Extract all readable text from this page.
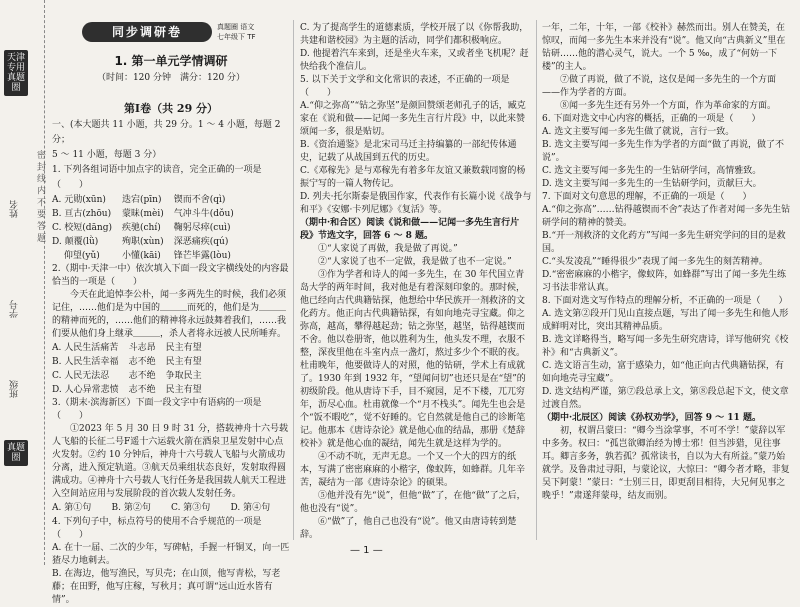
天津专用 真题圈
班级
学号
姓名 密 封 线 内 不 要 答 题
真题圈
同步调研卷	真题圈 语文
七年级下 TF
1. 第一单元学情调研
（时间：120 分钟　满分：120 分）
第Ⅰ卷（共 29 分）

一、(本大题共 11 小题，共 29 分。1 ～ 4 小题，每题 2 分；

5 ～ 11 小题，每题 3 分）

1. 下列各组词语中加点字的读音，完全正确的一项是（　　）

A. 元勋(xūn)	迭宕(pīn)	锲而不舍(qì)
B. 亘古(zhōu)	蒙昧(mèi)	气冲斗牛(dǒu)
C. 校短(dāng)	疾驰(chí)	鞠躬尽瘁(cuì)
D. 颠覆(lǜ)	殉职(xùn)	深恶痛疾(qú)
　 仰望(yǔ)	小懂(kāi)	锋芒毕露(lòu)

2.（期中·天津一中）依次填入下面一段文字横线处的内容最恰当的一项是（　　）

今天在此追悼李公朴，闻一多两先生的时候，我们必须记住，……他们是为中国的＿＿＿而死的，他们是为＿＿＿的精神而死的，……他们的精神将永远鼓舞着我们，……我们要从他们身上继承＿＿＿，杀人者将永远被人民所唾弃。

A. 人民生活痛苦	斗志昂	民主有望
B. 人民生活幸福	志不绝	民主有望
C. 人民无法忍	志不绝	争取民主
D. 人心异常悲愤	志不绝	民主有望

3.（期末·滨海新区）下面一段文字中有语病的一项是（　　）

①2023 年 5 月 30 日 9 时 31 分，搭载神舟十六号载人飞船的长征二号F遥十六运载火箭在酒泉卫星发射中心点火发射。②约 10 分钟后，神舟十六号载人飞船与火箭成功分离，进入预定轨道。③航天员乘组状态良好，发射取得圆满成功。④神舟十六号载人飞行任务是我国载人航天工程进入空间站应用与发展阶段的首次载人发射任务。

A. 第①句	B. 第②句	C. 第③句	D. 第④句

4. 下列句子中，标点符号的使用不合乎规范的一项是（　　）

A. 在十一届、二次的少年，写碑帖，手握一杆铜叉，向一匹猹尽力地刺去。

B. 在海边，他写渔民，写贝壳；在山顶，他写青松，写老藤；在田野，他写庄稼，写秋月；真可谓“远山近水皆有情”。

C. 为了提高学生的道德素质，学校开展了以《你帮我助，共建和谐校园》为主题的活动，同学们都积极响应。

D. 他提着汽车来到，还是坐火车来，又或者坐飞机呢？赶快给我个准信儿。

5. 以下关于文学和文化常识的表述，不正确的一项是（　　）

A.“仰之弥高”“钻之弥坚”是颜回赞颂老师孔子的话，臧克家在《说和做——记闻一多先生言行片段》中，以此来赞颂闻一多，很是贴切。

B.《资治通鉴》是北宋司马迁主持编纂的一部纪传体通史，记载了从战国到五代的历史。

C.《邓稼先》是与邓稼先有着多年友谊又兼数载同窗的杨振宁写的一篇人物传记。

D. 列夫·托尔斯泰是俄国作家，代表作有长篇小说《战争与和平》《安娜·卡列尼娜》《复活》等。

（期中·和合区）阅读《说和做——记闻一多先生言行片段》节选文字，回答 6 ～ 8 题。

①“人家说了再做，我是做了再说。”

②“人家说了也不一定做，我是做了也不一定说。”

③作为学者和诗人的闻一多先生，在 30 年代国立青岛大学的两年时间，我对他是有着深刻印象的。那时候，他已经向古代典籍钻探，他想给中华民族开一剂救济的文化药方。他正向古代典籍钻探，有如向地壳寻宝藏。仰之弥高，越高，攀得越起劲；钻之弥坚，越坚，钻得越锲而不舍。他以卷册寄，他以胜利为生，他头发不理，衣服不整，深夜里他在斗室内点一盏灯，熬过多少个不眠的夜。杜甫晚年，他要做诗人的对照，他的钻研，学术上有成就了。1930 年到 1932 年，“望闻问切”也还只是在“望”的初级阶段。他从唐诗下手，目不窥园，足不下楼，兀兀穷年，沥尽心血。杜甫就像一个“月不栈头”。闻先生也会是个“饭不暇吃”，觉不好睡的。它自然就是他自己的诊断笔记。他那本《唐诗杂论》就是他心血的结晶，那册《楚辞校补》就是他心血的凝结，闻先生就是这样为学的。

④不动不吭，无声无息。一个又一个大的四方的纸本，写满了密密麻麻的小楷字，像蚁阵，如蜂群。几年辛苦，凝结为一部《唐诗杂论》的硕果。

⑤他并没有先“说”，但他“做”了，在他“做”了之后，他也没有“说”。

⑥“做”了，他自己也没有“说”。他又由唐诗转到楚辞。

一年，二年，十年，一部《校补》赫然而出。别人在赞美，在惊叹，而闻一多先生本来并没有“说”。他又向“古典新义”里在钻研……他的潜心灵气，说大。一个 5 ‰，成了“何妨一下楼”的主人。

⑦做了再说，做了不说，这仅是闻一多先生的一个方面——作为学者的方面。

⑧闻一多先生还有另外一个方面，作为革命家的方面。

6. 下面对选文中心内容的概括，正确的一项是（　　）

A. 选文主要写闻一多先生做了就说，言行一致。

B. 选文主要写闻一多先生作为学者的方面“做了再说，做了不说”。

C. 选文主要写闻一多先生的一生钻研学问，高情雅致。

D. 选文主要写闻一多先生的一生钻研学问，贡献巨大。

7. 下面对文句意思的理解，不正确的一项是（　　）

A.“仰之弥高”……钻得越锲而不舍”表达了作者对闻一多先生钻研学问的精神的赞美。

B.“开一剂救济的文化药方”写闻一多先生研究学问的目的是救国。

C.“头发凌乱”“睡得很少”表现了闻一多先生的刻苦精神。

D.“密密麻麻的小楷字，像蚁阵，如蜂群”写出了闻一多先生练习书法非常认真。

8. 下面对选文写作特点的理解分析，不正确的一项是（　　）

A. 选文第②段开门见山直接点题，写出了闻一多先生和他人形成鲜明对比，突出其精神品质。

B. 选文详略得当，略写闻一多先生研究唐诗，详写他研究《校补》和“古典新义”。

C. 选文语言生动，富于感染力，如“他正向古代典籍钻探，有如向地壳寻宝藏”。

D. 选文结构严谨，第⑦段总承上文，第⑧段总起下文，使文章过渡自然。

（期中·北辰区）阅读《孙权劝学》，回答 9 ～ 11 题。

初，权谓吕蒙曰：“卿今当涂掌事，不可不学！”蒙辞以军中多务。权曰：“孤岂欲卿治经为博士邪！但当涉猎，见往事耳。卿言多务，孰若孤？孤常读书，自以为大有所益。”蒙乃始就学。及鲁肃过寻阳，与蒙论议，大惊曰：“卿今者才略，非复吴下阿蒙！”蒙曰：“士别三日，即更刮目相待，大兄何见事之晚乎！”肃遂拜蒙母，结友而别。

— 1 —
